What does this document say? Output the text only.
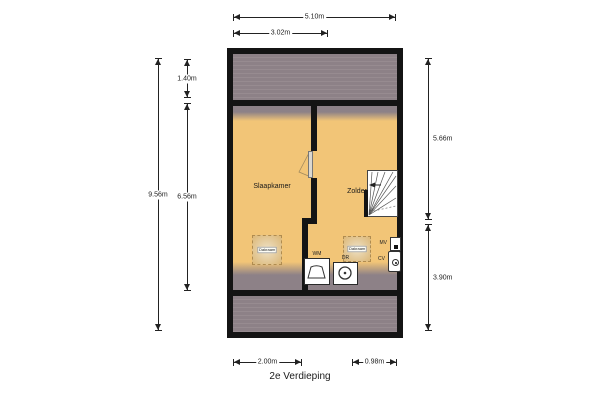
5.10m
3.02m
9.56m
1.40m
6.56m
5.66m
3.90m
2.00m	0.98m
Slaapkamer
Zolder
Dakraam	Dakraam
WM
DR
MV
CV
2e Verdieping
